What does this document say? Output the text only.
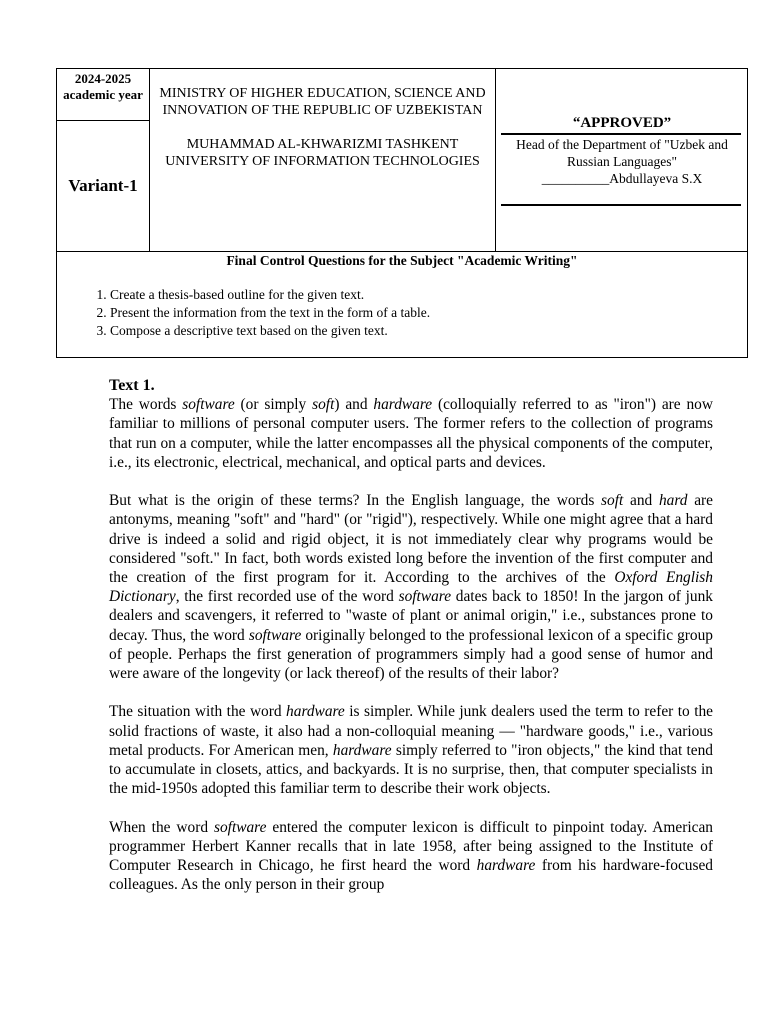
2024-2025 academic year
Variant-1
MINISTRY OF HIGHER EDUCATION, SCIENCE AND INNOVATION OF THE REPUBLIC OF UZBEKISTAN
MUHAMMAD AL-KHWARIZMI TASHKENT UNIVERSITY OF INFORMATION TECHNOLOGIES
“APPROVED”
Head of the Department of "Uzbek and Russian Languages"
__________Abdullayeva S.X
Final Control Questions for the Subject "Academic Writing"
1. Create a thesis-based outline for the given text.
2. Present the information from the text in the form of a table.
3. Compose a descriptive text based on the given text.
Text 1.

The words software (or simply soft) and hardware (colloquially referred to as "iron") are now familiar to millions of personal computer users. The former refers to the collection of programs that run on a computer, while the latter encompasses all the physical components of the computer, i.e., its electronic, electrical, mechanical, and optical parts and devices.

But what is the origin of these terms? In the English language, the words soft and hard are antonyms, meaning "soft" and "hard" (or "rigid"), respectively. While one might agree that a hard drive is indeed a solid and rigid object, it is not immediately clear why programs would be considered "soft." In fact, both words existed long before the invention of the first computer and the creation of the first program for it. According to the archives of the Oxford English Dictionary, the first recorded use of the word software dates back to 1850! In the jargon of junk dealers and scavengers, it referred to "waste of plant or animal origin," i.e., substances prone to decay. Thus, the word software originally belonged to the professional lexicon of a specific group of people. Perhaps the first generation of programmers simply had a good sense of humor and were aware of the longevity (or lack thereof) of the results of their labor?

The situation with the word hardware is simpler. While junk dealers used the term to refer to the solid fractions of waste, it also had a non-colloquial meaning — "hardware goods," i.e., various metal products. For American men, hardware simply referred to "iron objects," the kind that tend to accumulate in closets, attics, and backyards. It is no surprise, then, that computer specialists in the mid-1950s adopted this familiar term to describe their work objects.

When the word software entered the computer lexicon is difficult to pinpoint today. American programmer Herbert Kanner recalls that in late 1958, after being assigned to the Institute of Computer Research in Chicago, he first heard the word hardware from his hardware-focused colleagues. As the only person in their group
